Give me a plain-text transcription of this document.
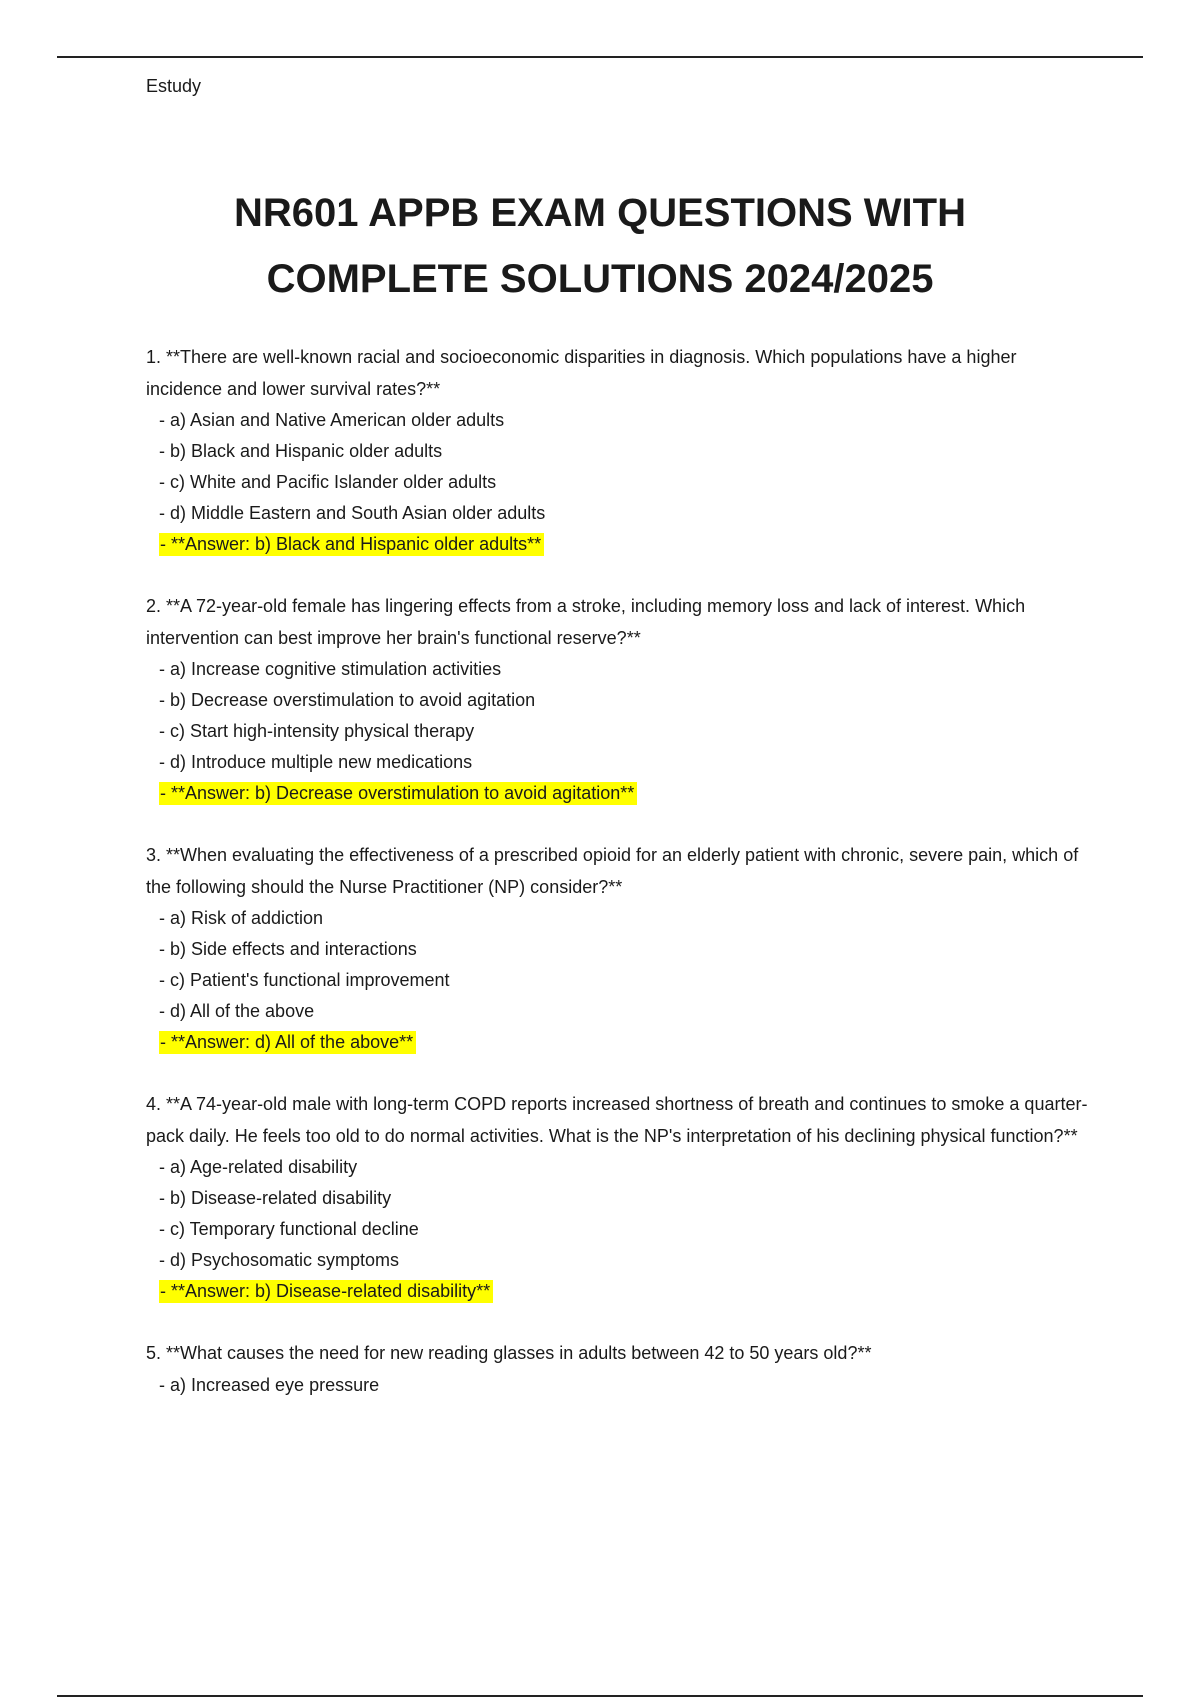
Estudy
NR601 APPB EXAM QUESTIONS WITH
COMPLETE SOLUTIONS 2024/2025
1. **There are well-known racial and socioeconomic disparities in diagnosis. Which populations have a higher incidence and lower survival rates?**
- a) Asian and Native American older adults
- b) Black and Hispanic older adults
- c) White and Pacific Islander older adults
- d) Middle Eastern and South Asian older adults
- **Answer: b) Black and Hispanic older adults**
2. **A 72-year-old female has lingering effects from a stroke, including memory loss and lack of interest. Which intervention can best improve her brain's functional reserve?**
- a) Increase cognitive stimulation activities
- b) Decrease overstimulation to avoid agitation
- c) Start high-intensity physical therapy
- d) Introduce multiple new medications
- **Answer: b) Decrease overstimulation to avoid agitation**
3. **When evaluating the effectiveness of a prescribed opioid for an elderly patient with chronic, severe pain, which of the following should the Nurse Practitioner (NP) consider?**
- a) Risk of addiction
- b) Side effects and interactions
- c) Patient's functional improvement
- d) All of the above
- **Answer: d) All of the above**
4. **A 74-year-old male with long-term COPD reports increased shortness of breath and continues to smoke a quarter-pack daily. He feels too old to do normal activities. What is the NP's interpretation of his declining physical function?**
- a) Age-related disability
- b) Disease-related disability
- c) Temporary functional decline
- d) Psychosomatic symptoms
- **Answer: b) Disease-related disability**
5. **What causes the need for new reading glasses in adults between 42 to 50 years old?**
- a) Increased eye pressure
